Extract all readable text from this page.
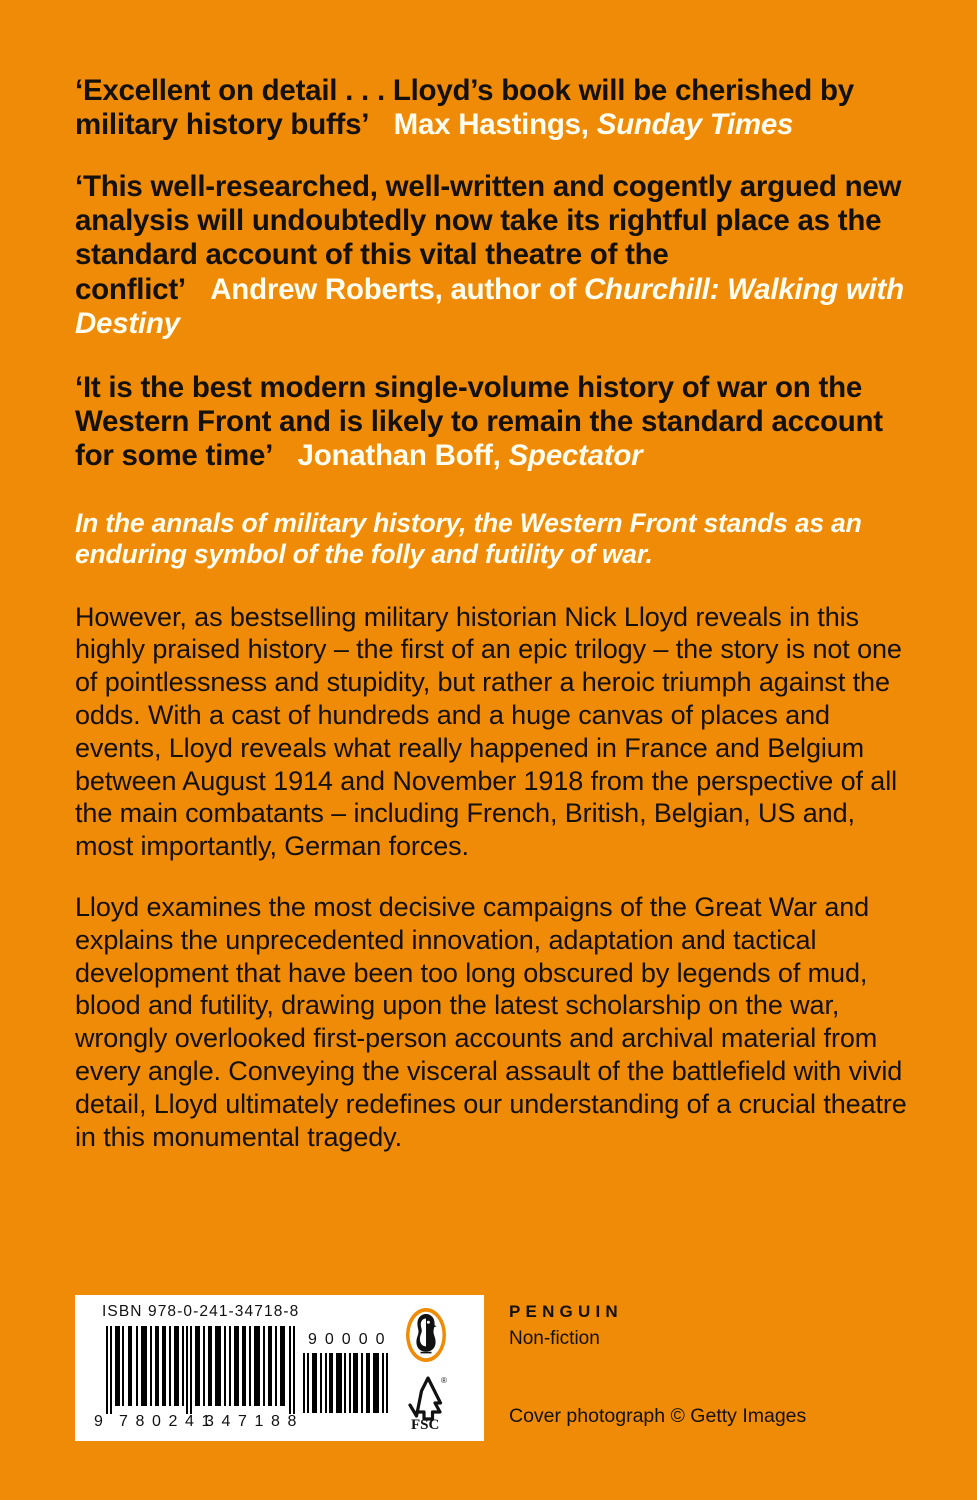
‘Excellent on detail . . . Lloyd’s book will be cherished by military history buffs’ Max Hastings, Sunday Times

‘This well-researched, well-written and cogently argued new analysis will undoubtedly now take its rightful place as the standard account of this vital theatre of the conflict’ Andrew Roberts, author of Churchill: Walking with Destiny

‘It is the best modern single-volume history of war on the Western Front and is likely to remain the standard account for some time’ Jonathan Boff, Spectator

In the annals of military history, the Western Front stands as an enduring symbol of the folly and futility of war.

However, as bestselling military historian Nick Lloyd reveals in this highly praised history – the first of an epic trilogy – the story is not one of pointlessness and stupidity, but rather a heroic triumph against the odds. With a cast of hundreds and a huge canvas of places and events, Lloyd reveals what really happened in France and Belgium between August 1914 and November 1918 from the perspective of all the main combatants – including French, British, Belgian, US and, most importantly, German forces.

Lloyd examines the most decisive campaigns of the Great War and explains the unprecedented innovation, adaptation and tactical development that have been too long obscured by legends of mud, blood and futility, drawing upon the latest scholarship on the war, wrongly overlooked first-person accounts and archival material from every angle. Conveying the visceral assault of the battlefield with vivid detail, Lloyd ultimately redefines our understanding of a crucial theatre in this monumental tragedy.

ISBN 978-0-241-34718-8
9 780241
347188
90000
FSC
®

PENGUIN

Non-fiction

Cover photograph © Getty Images
